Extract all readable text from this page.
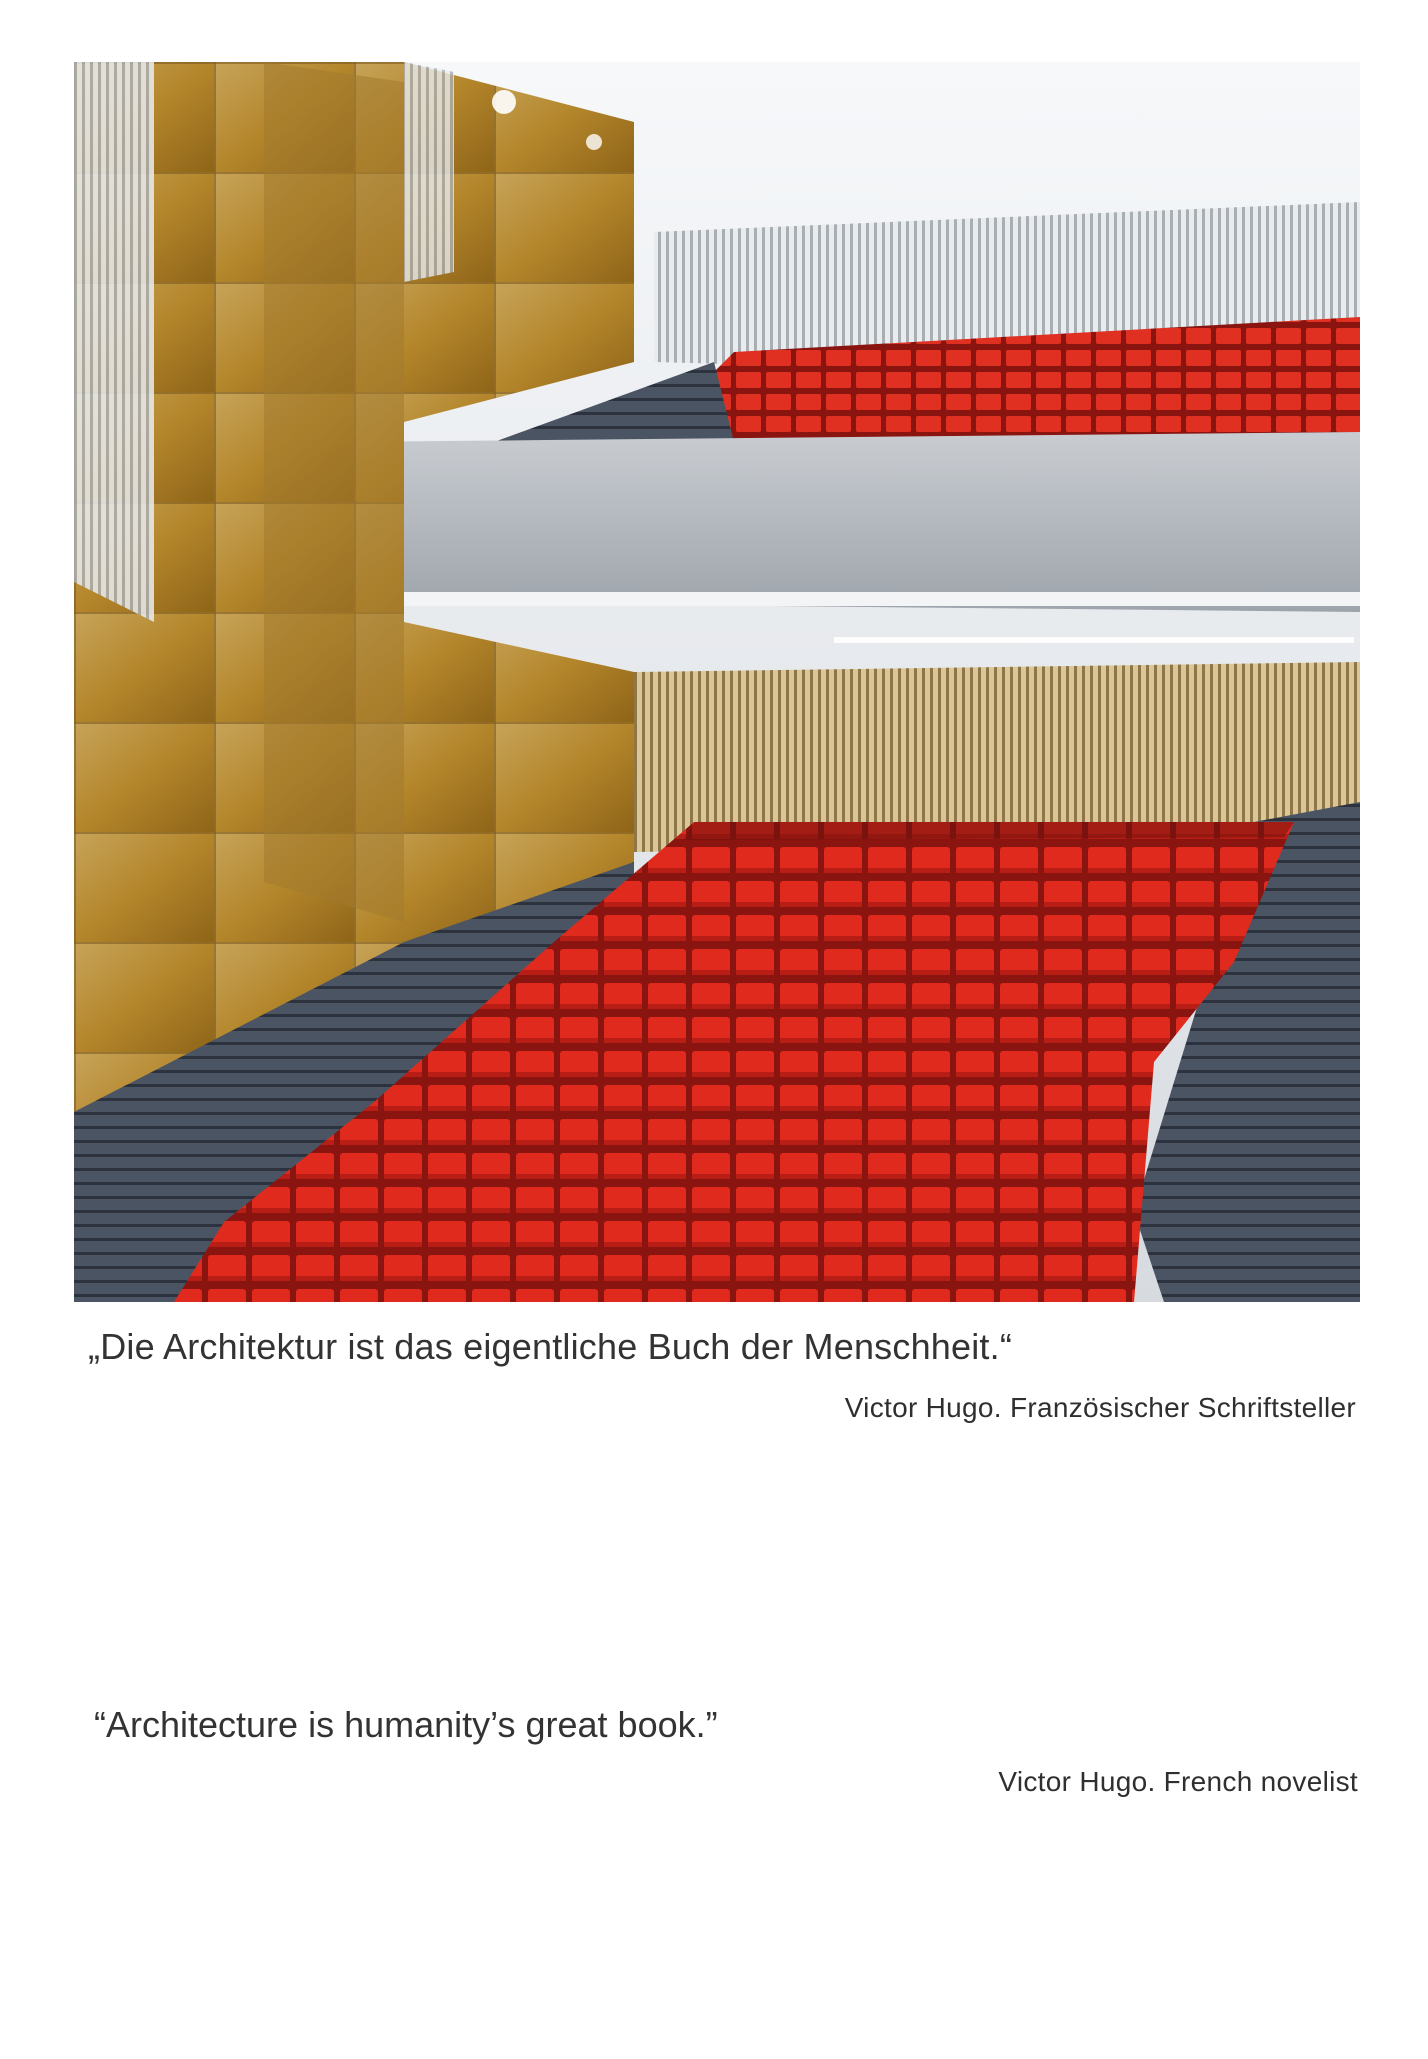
„Die Architektur ist das eigentliche Buch der Menschheit.“
Victor Hugo. Französischer Schriftsteller
“Architecture is humanity’s great book.”
Victor Hugo. French novelist
